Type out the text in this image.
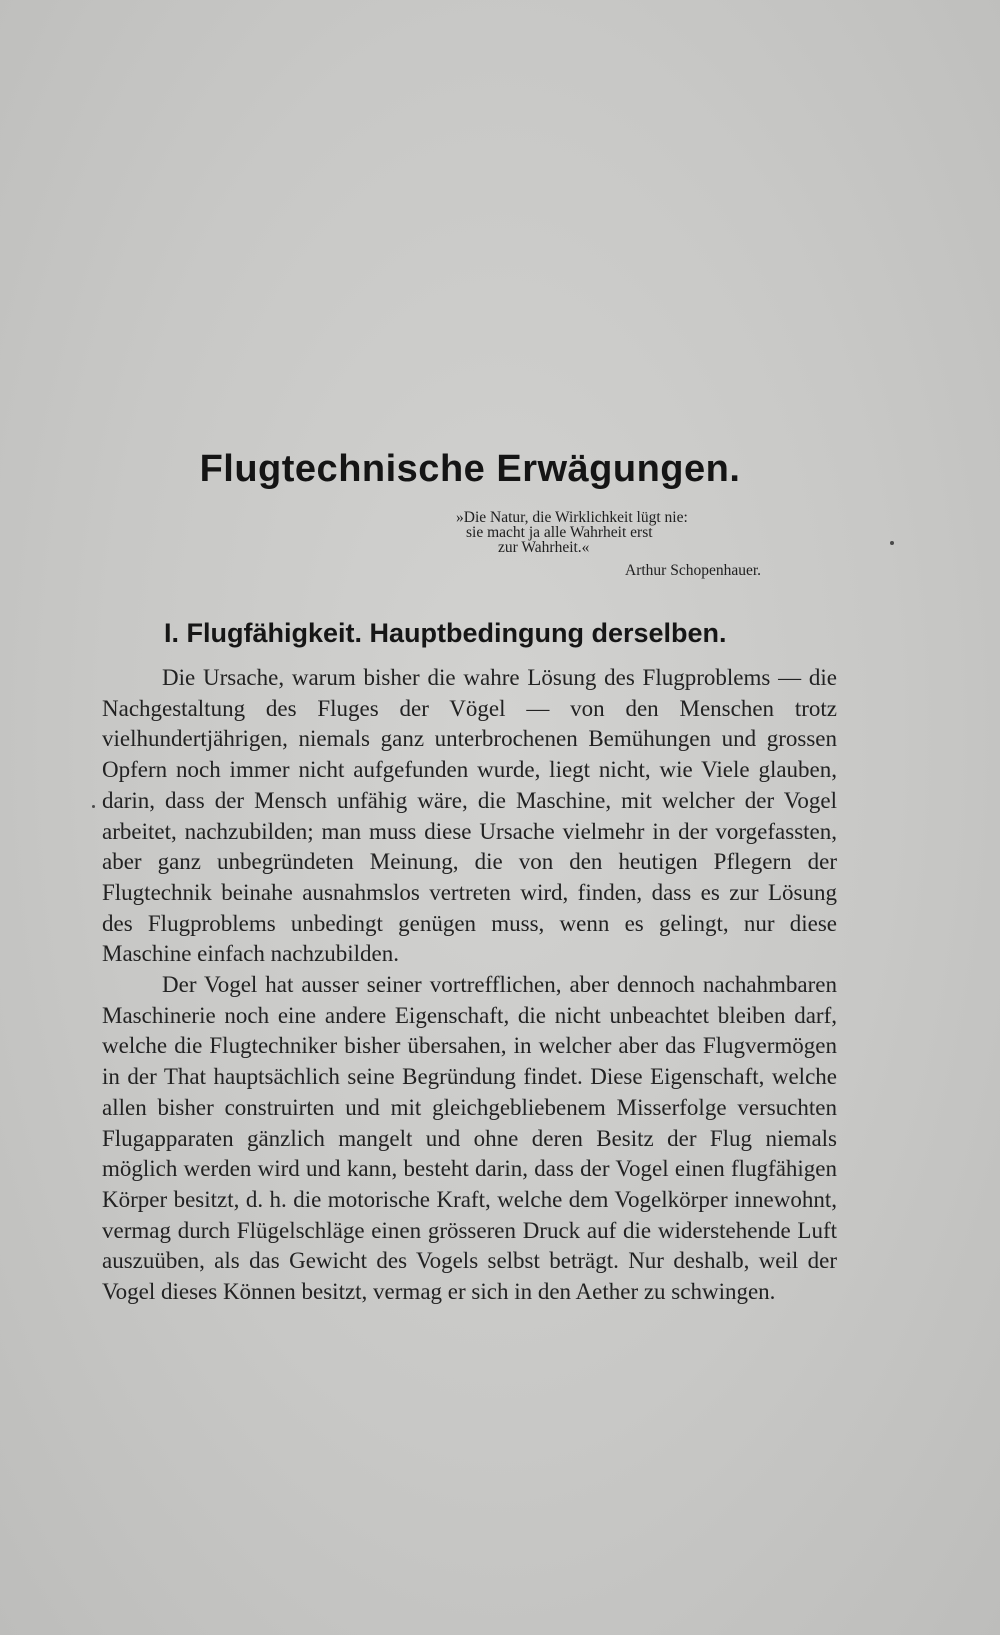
Flugtechnische Erwägungen.
»Die Natur, die Wirklichkeit lügt nie:
sie macht ja alle Wahrheit erst
zur Wahrheit.«
Arthur Schopenhauer.
I. Flugfähigkeit. Hauptbedingung derselben.

Die Ursache, warum bisher die wahre Lösung des Flugproblems — die Nachgestaltung des Fluges der Vögel — von den Menschen trotz vielhundertjährigen, niemals ganz unterbrochenen Bemühungen und grossen Opfern noch immer nicht aufgefunden wurde, liegt nicht, wie Viele glauben, darin, dass der Mensch unfähig wäre, die Maschine, mit welcher der Vogel arbeitet, nachzubilden; man muss diese Ursache vielmehr in der vorgefassten, aber ganz unbegründeten Meinung, die von den heutigen Pflegern der Flugtechnik beinahe ausnahmslos vertreten wird, finden, dass es zur Lösung des Flugproblems unbedingt genügen muss, wenn es gelingt, nur diese Maschine einfach nachzubilden.

Der Vogel hat ausser seiner vortrefflichen, aber dennoch nachahmbaren Maschinerie noch eine andere Eigenschaft, die nicht unbeachtet bleiben darf, welche die Flugtechniker bisher übersahen, in welcher aber das Flugvermögen in der That hauptsächlich seine Begründung findet. Diese Eigenschaft, welche allen bisher construirten und mit gleichgebliebenem Misserfolge versuchten Flugapparaten gänzlich mangelt und ohne deren Besitz der Flug niemals möglich werden wird und kann, besteht darin, dass der Vogel einen flugfähigen Körper besitzt, d. h. die motorische Kraft, welche dem Vogelkörper innewohnt, vermag durch Flügelschläge einen grösseren Druck auf die widerstehende Luft auszuüben, als das Gewicht des Vogels selbst beträgt. Nur deshalb, weil der Vogel dieses Können besitzt, vermag er sich in den Aether zu schwingen.
